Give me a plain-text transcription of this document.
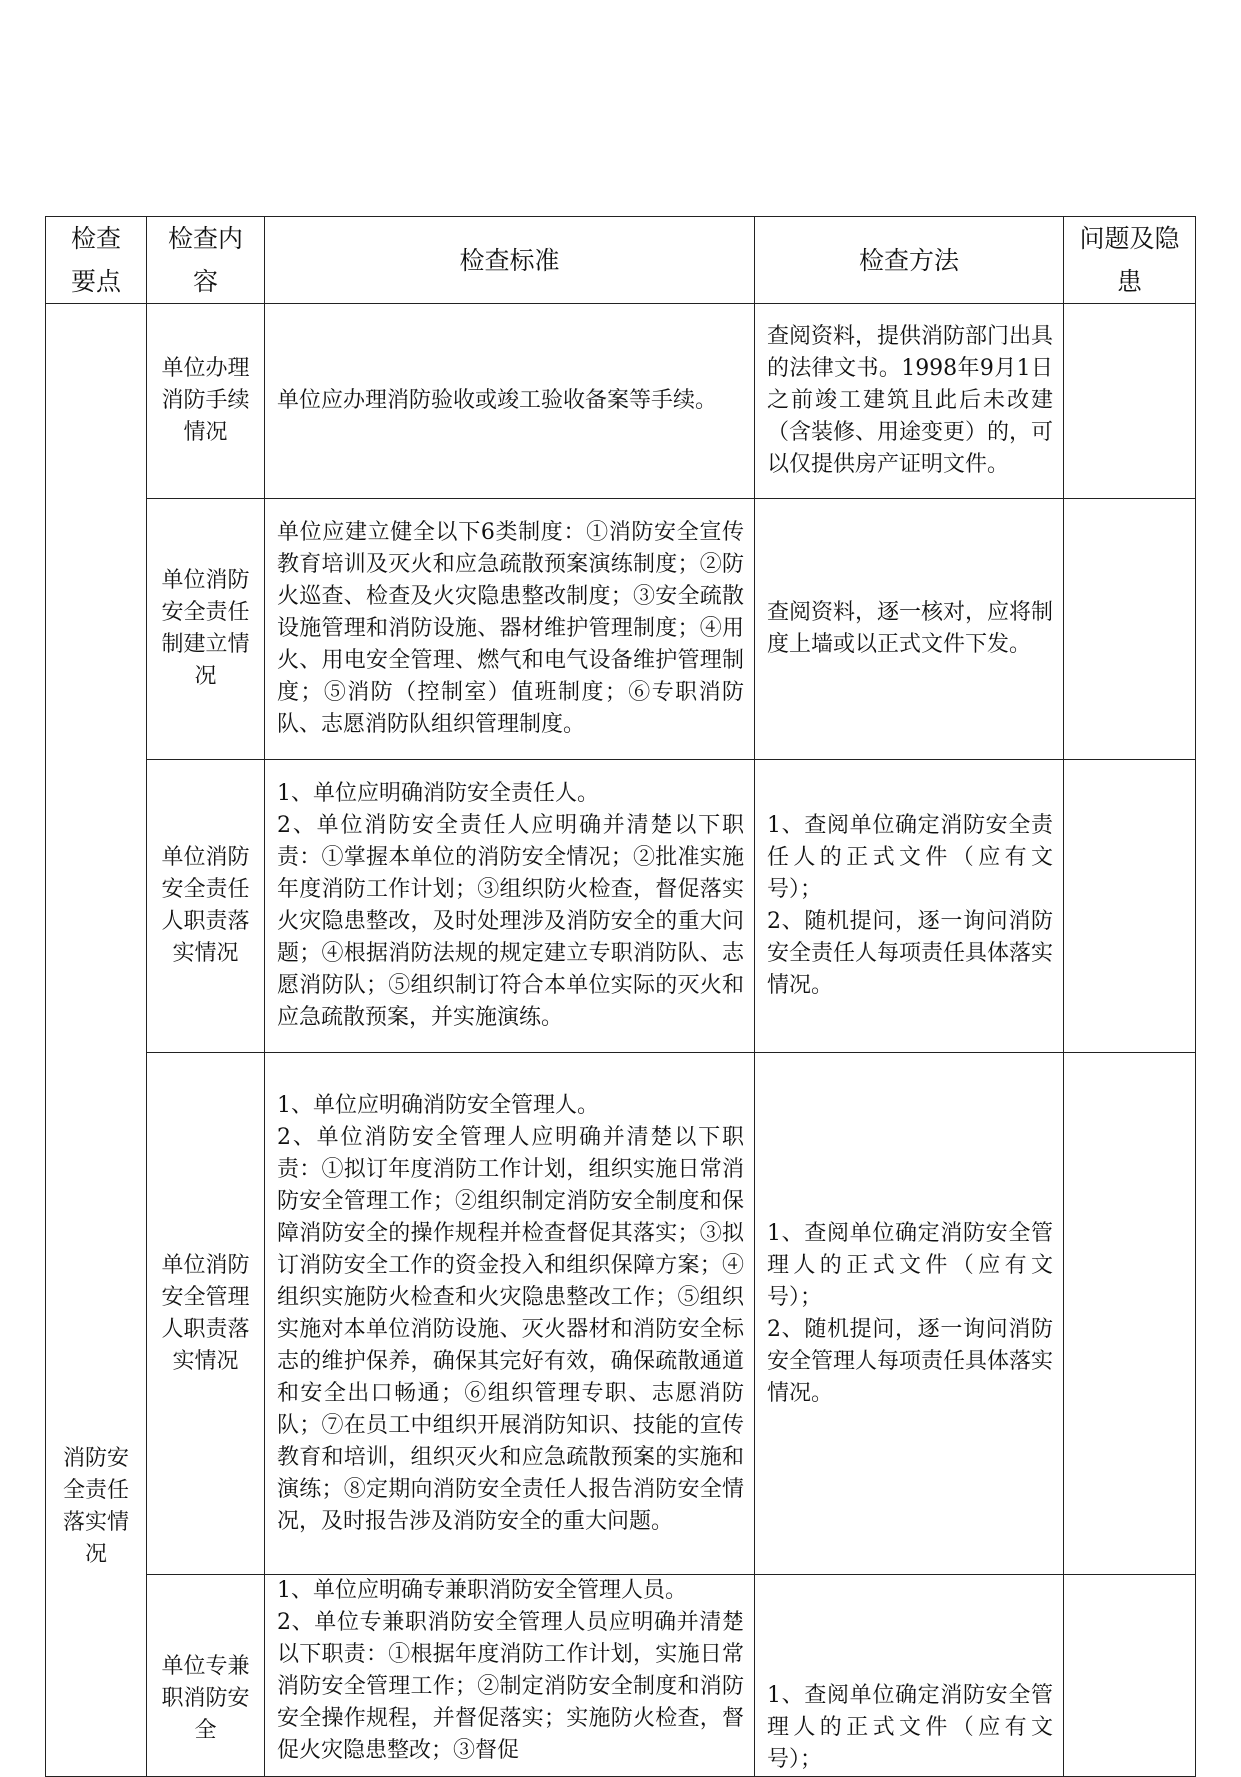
检查要点	检查内容	检查标准	检查方法	问题及隐患

消防安全责任落实情况	单位办理消防手续情况	单位应办理消防验收或竣工验收备案等手续。	查阅资料，提供消防部门出具的法律文书。1998年9月1日之前竣工建筑且此后未改建（含装修、用途变更）的，可以仅提供房产证明文件。	

	单位消防安全责任制建立情况	单位应建立健全以下6类制度：①消防安全宣传教育培训及灭火和应急疏散预案演练制度；②防火巡查、检查及火灾隐患整改制度；③安全疏散设施管理和消防设施、器材维护管理制度；④用火、用电安全管理、燃气和电气设备维护管理制度；⑤消防（控制室）值班制度；⑥专职消防队、志愿消防队组织管理制度。	查阅资料，逐一核对，应将制度上墙或以正式文件下发。	

	单位消防安全责任人职责落实情况	1、单位应明确消防安全责任人。
2、单位消防安全责任人应明确并清楚以下职责：①掌握本单位的消防安全情况；②批准实施年度消防工作计划；③组织防火检查，督促落实火灾隐患整改，及时处理涉及消防安全的重大问题；④根据消防法规的规定建立专职消防队、志愿消防队；⑤组织制订符合本单位实际的灭火和应急疏散预案，并实施演练。	1、查阅单位确定消防安全责任人的正式文件（应有文号）；
2、随机提问，逐一询问消防安全责任人每项责任具体落实情况。	

	单位消防安全管理人职责落实情况	1、单位应明确消防安全管理人。
2、单位消防安全管理人应明确并清楚以下职责：①拟订年度消防工作计划，组织实施日常消防安全管理工作；②组织制定消防安全制度和保障消防安全的操作规程并检查督促其落实；③拟订消防安全工作的资金投入和组织保障方案；④组织实施防火检查和火灾隐患整改工作；⑤组织实施对本单位消防设施、灭火器材和消防安全标志的维护保养，确保其完好有效，确保疏散通道和安全出口畅通；⑥组织管理专职、志愿消防队；⑦在员工中组织开展消防知识、技能的宣传教育和培训，组织灭火和应急疏散预案的实施和演练；⑧定期向消防安全责任人报告消防安全情况，及时报告涉及消防安全的重大问题。	1、查阅单位确定消防安全管理人的正式文件（应有文号）；
2、随机提问，逐一询问消防安全管理人每项责任具体落实情况。	

	单位专兼职消防安全	1、单位应明确专兼职消防安全管理人员。
2、单位专兼职消防安全管理人员应明确并清楚以下职责：①根据年度消防工作计划，实施日常消防安全管理工作；②制定消防安全制度和消防安全操作规程，并督促落实；实施防火检查，督促火灾隐患整改；③督促	1、查阅单位确定消防安全管理人的正式文件（应有文号）；	
